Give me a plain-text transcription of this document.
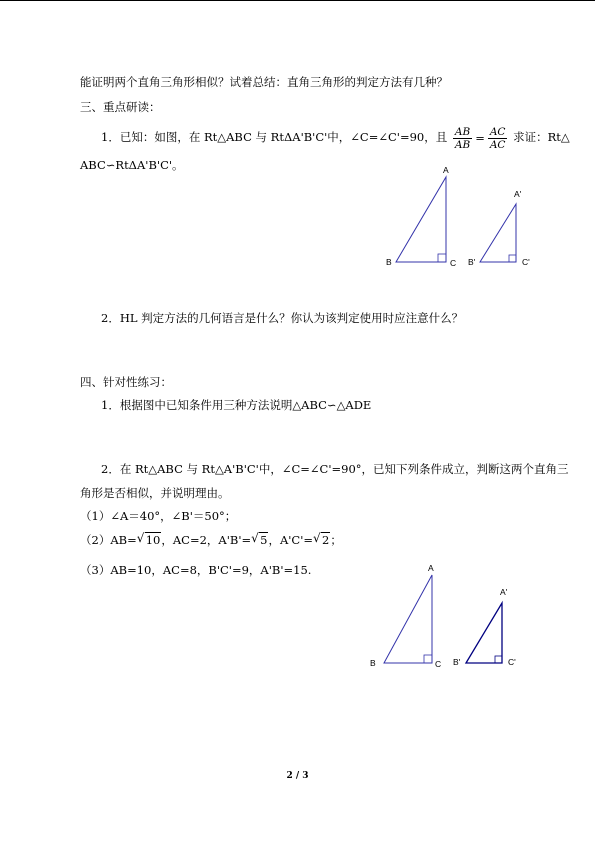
能证明两个直角三角形相似？试着总结：直角三角形的判定方法有几种？
三、重点研读：
1．已知：如图，在 Rt△ABC 与 RtΔA'B'C'中，∠C=∠C'=90，且 $\frac{AB}{AB} = \frac{AC}{AC}$ 求证：Rt△
ABC∽RtΔA'B'C'。	A
B	C
A'
B'	C'
2．HL 判定方法的几何语言是什么？你认为该判定使用时应注意什么？
四、针对性练习：
1．根据图中已知条件用三种方法说明△ABC∽△ADE
2．在 Rt△ABC 与 Rt△A'B'C'中，∠C=∠C'=90°，已知下列条件成立，判断这两个直角三
角形是否相似，并说明理由。
（1）∠A＝40°，∠B'＝50°；
（2）AB= √ 10，AC=2，A'B'= √ 5，A'C'= √ 2；
（3）AB=10，AC=8，B'C'=9，A'B'=15.	A
B	C
A'
B'	C'
2 / 3
